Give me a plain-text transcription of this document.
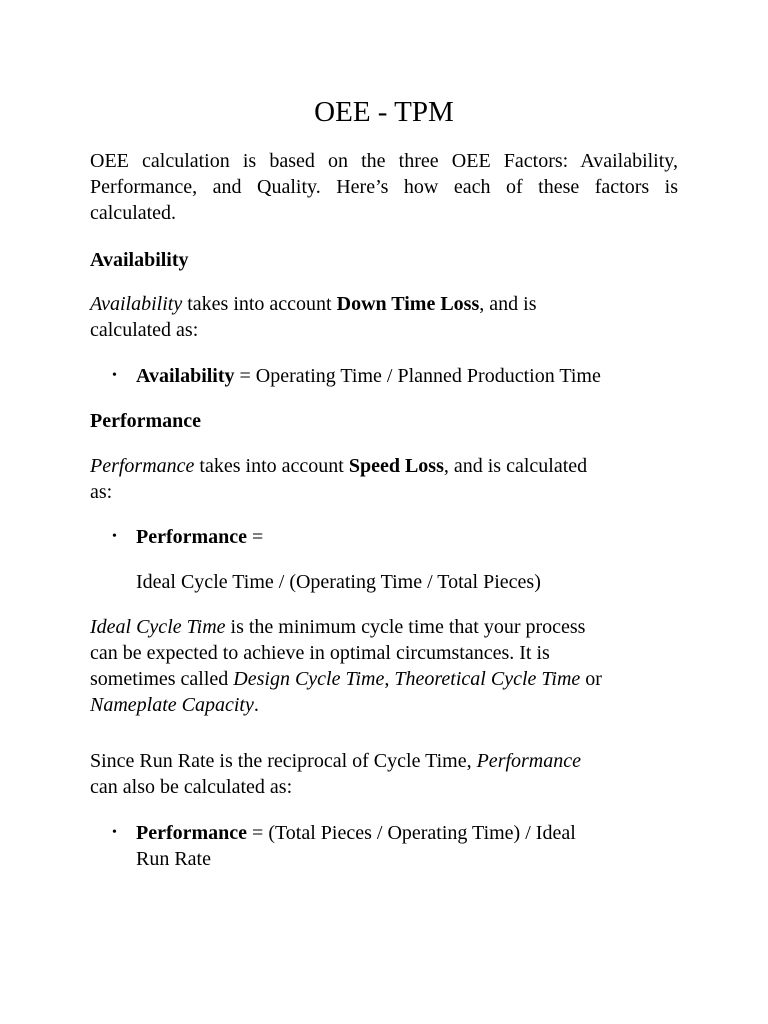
OEE - TPM
OEE calculation is based on the three OEE Factors: Availability,
Performance, and Quality. Here’s how each of these factors is
calculated.
Availability
Availability takes into account Down Time Loss, and is
calculated as:
• Availability = Operating Time / Planned Production Time
Performance
Performance takes into account Speed Loss, and is calculated
as:
• Performance =
Ideal Cycle Time / (Operating Time / Total Pieces)
Ideal Cycle Time is the minimum cycle time that your process
can be expected to achieve in optimal circumstances. It is
sometimes called Design Cycle Time, Theoretical Cycle Time or
Nameplate Capacity.
Since Run Rate is the reciprocal of Cycle Time, Performance
can also be calculated as:
• Performance = (Total Pieces / Operating Time) / Ideal
Run Rate
